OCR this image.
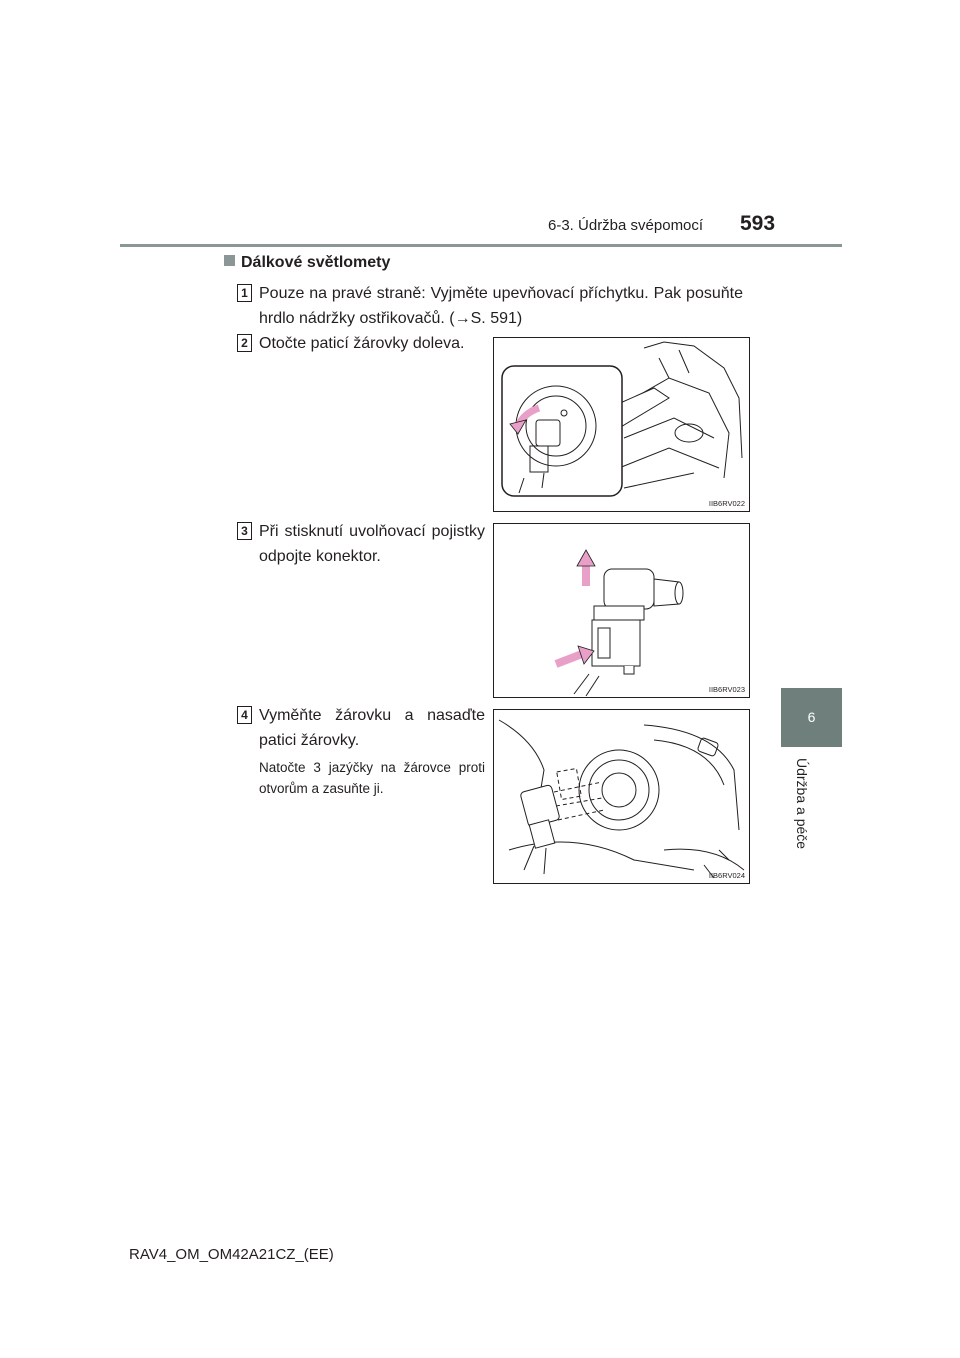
6-3. Údržba svépomocí 593
6
Údržba a péče
Dálkové světlomety
1 Pouze na pravé straně: Vyjměte upevňovací příchytku. Pak posuňte hrdlo nádržky ostřikovačů. (→S. 591)
2 Otočte paticí žárovky doleva.
IIB6RV022
3 Při stisknutí uvolňovací pojistky odpojte konektor.
IIB6RV023
4 Vyměňte žárovku a nasaďte patici žárovky.
Natočte 3 jazýčky na žárovce proti otvorům a zasuňte ji.
IIB6RV024
RAV4_OM_OM42A21CZ_(EE)
